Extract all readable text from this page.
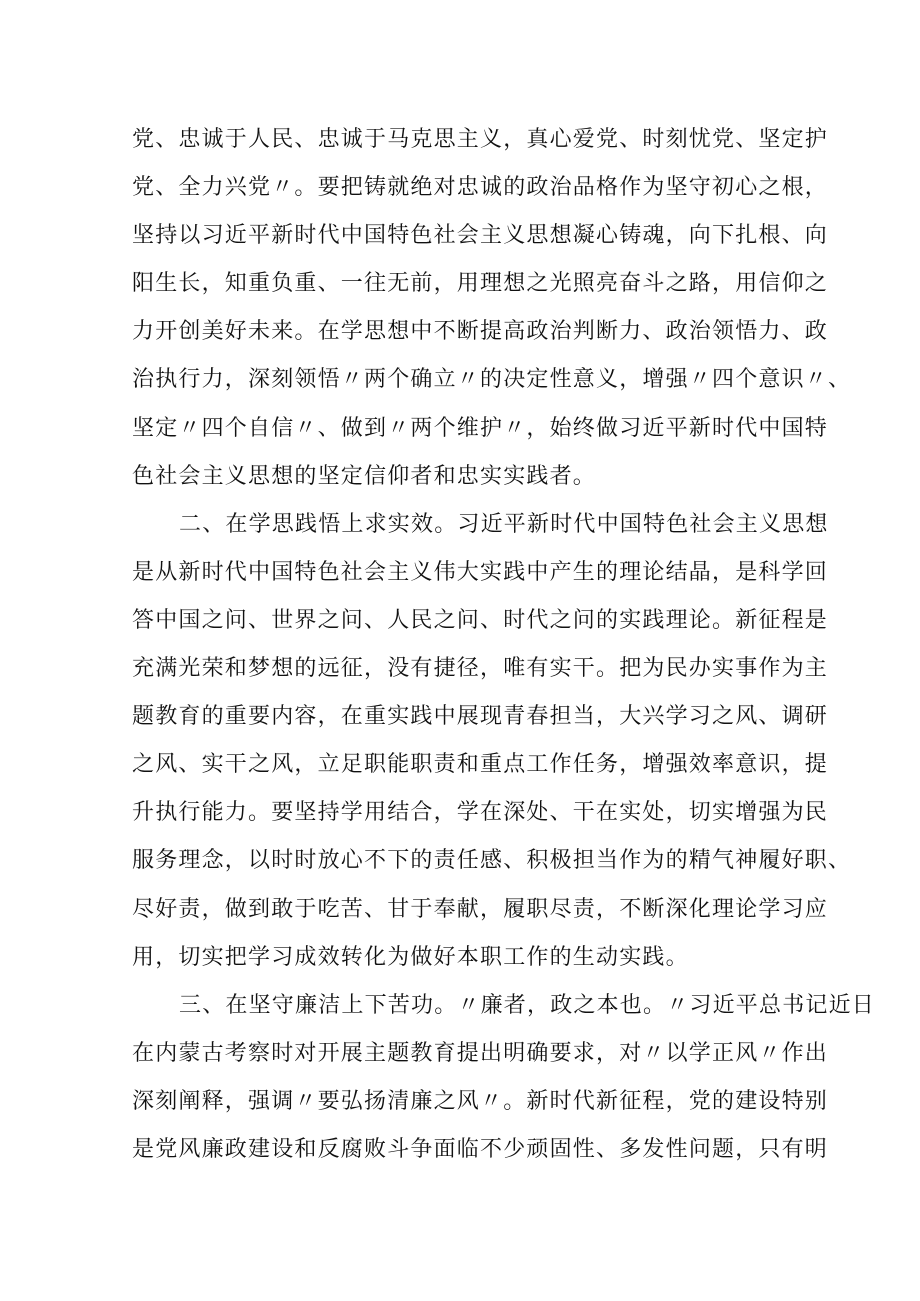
党、忠诚于人民、忠诚于马克思主义，真心爱党、时刻忧党、坚定护
党、全力兴党〃。要把铸就绝对忠诚的政治品格作为坚守初心之根，
坚持以习近平新时代中国特色社会主义思想凝心铸魂，向下扎根、向
阳生长，知重负重、一往无前，用理想之光照亮奋斗之路，用信仰之
力开创美好未来。在学思想中不断提高政治判断力、政治领悟力、政
治执行力，深刻领悟〃两个确立〃的决定性意义，增强〃四个意识〃、
坚定〃四个自信〃、做到〃两个维护〃，始终做习近平新时代中国特
色社会主义思想的坚定信仰者和忠实实践者。
二、在学思践悟上求实效。习近平新时代中国特色社会主义思想
是从新时代中国特色社会主义伟大实践中产生的理论结晶，是科学回
答中国之问、世界之问、人民之问、时代之问的实践理论。新征程是
充满光荣和梦想的远征，没有捷径，唯有实干。把为民办实事作为主
题教育的重要内容，在重实践中展现青春担当，大兴学习之风、调研
之风、实干之风，立足职能职责和重点工作任务，增强效率意识，提
升执行能力。要坚持学用结合，学在深处、干在实处，切实增强为民
服务理念，以时时放心不下的责任感、积极担当作为的精气神履好职、
尽好责，做到敢于吃苦、甘于奉献，履职尽责，不断深化理论学习应
用，切实把学习成效转化为做好本职工作的生动实践。
三、在坚守廉洁上下苦功。〃廉者，政之本也。〃习近平总书记近日
在内蒙古考察时对开展主题教育提出明确要求，对〃以学正风〃作出
深刻阐释，强调〃要弘扬清廉之风〃。新时代新征程，党的建设特别
是党风廉政建设和反腐败斗争面临不少顽固性、多发性问题，只有明
